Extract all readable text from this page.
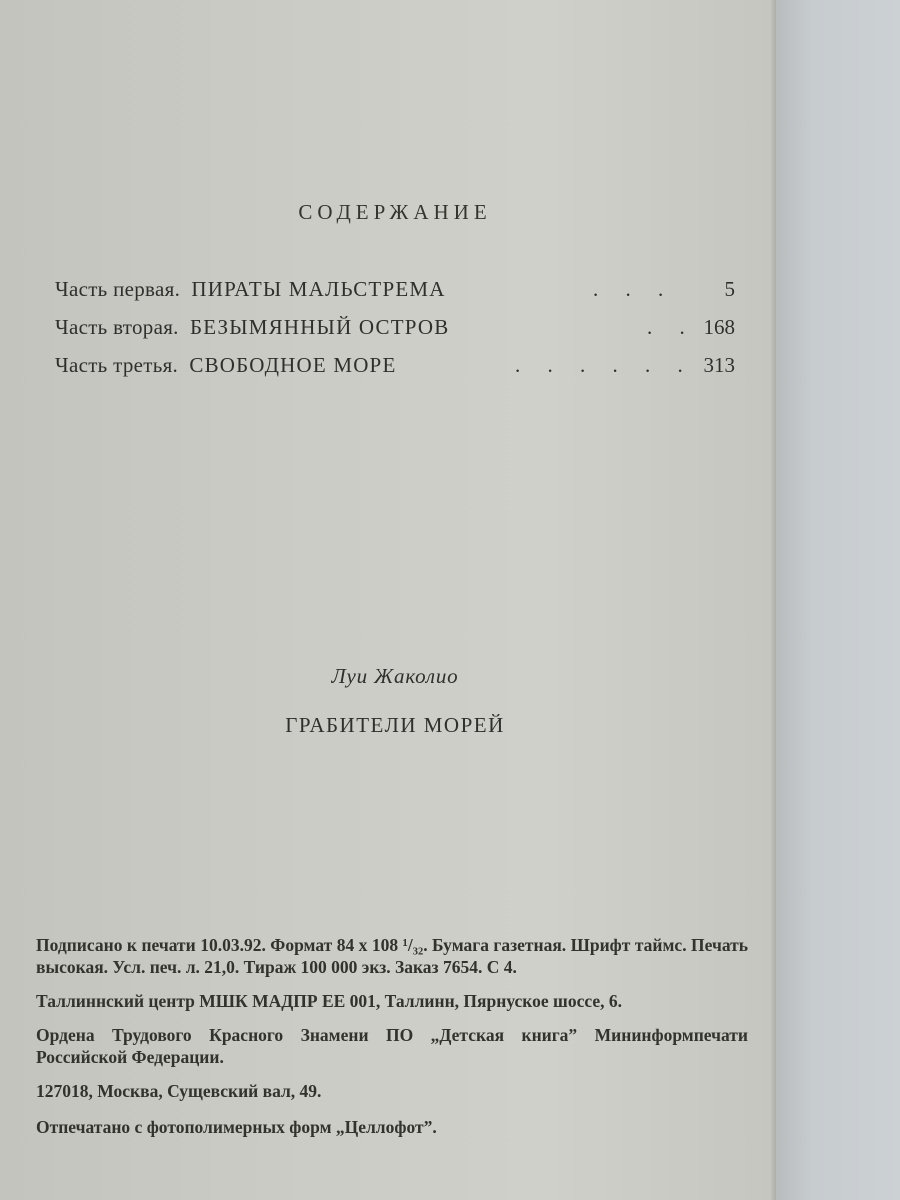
СОДЕРЖАНИЕ
Часть первая. ПИРАТЫ МАЛЬСТРЕМА	. . . 5
Часть вторая. БЕЗЫМЯННЫЙ ОСТРОВ	. . 168
Часть третья. СВОБОДНОЕ МОРЕ	. . . . . . 313
Луи Жаколио
ГРАБИТЕЛИ МОРЕЙ

Подписано к печати 10.03.92. Формат 84 x 108 ¹/₃₂. Бумага газетная. Шрифт таймс. Печать высокая. Усл. печ. л. 21,0. Тираж 100 000 экз. Заказ 7654. С 4.

Таллиннский центр МШК МАДПР ЕЕ 001, Таллинн, Пярнуское шоссе, 6.

Ордена Трудового Красного Знамени ПО „Детская книга” Мининформпечати Российской Федерации.

127018, Москва, Сущевский вал, 49.

Отпечатано с фотополимерных форм „Целлофот”.
